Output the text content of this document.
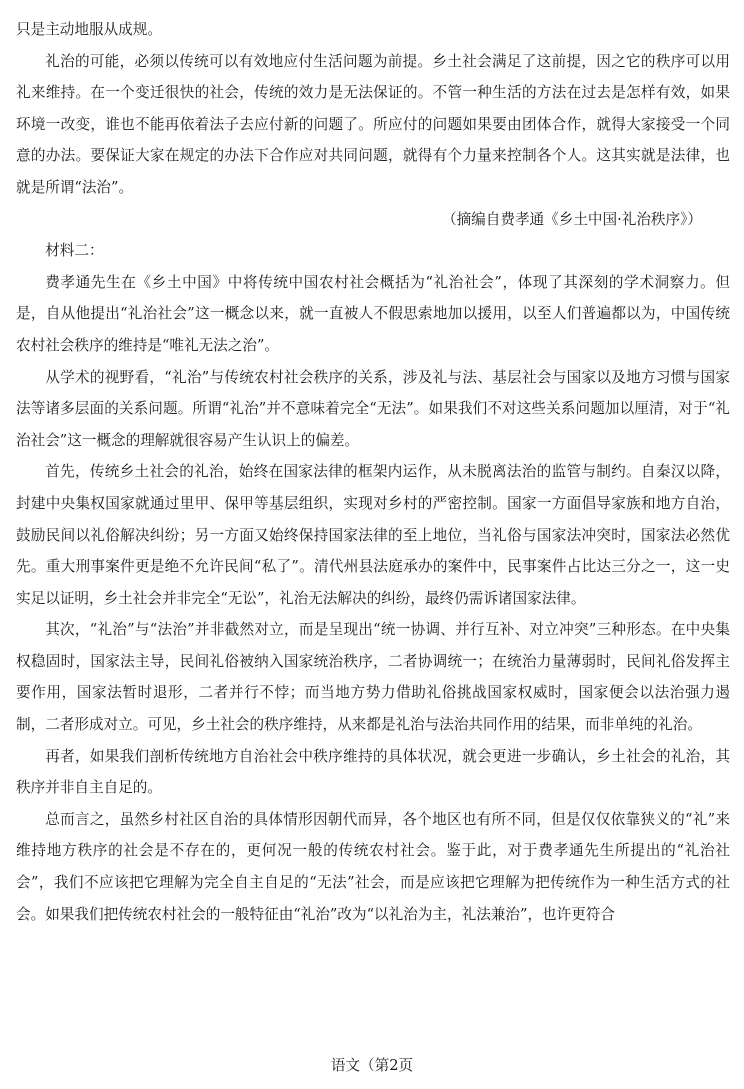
只是主动地服从成规。

礼治的可能，必须以传统可以有效地应付生活问题为前提。乡土社会满足了这前提，因之它的秩序可以用礼来维持。在一个变迁很快的社会，传统的效力是无法保证的。不管一种生活的方法在过去是怎样有效，如果环境一改变，谁也不能再依着法子去应付新的问题了。所应付的问题如果要由团体合作，就得大家接受一个同意的办法。要保证大家在规定的办法下合作应对共同问题，就得有个力量来控制各个人。这其实就是法律，也就是所谓“法治”。

（摘编自费孝通《乡土中国·礼治秩序》）

材料二：

费孝通先生在《乡土中国》中将传统中国农村社会概括为“礼治社会”，体现了其深刻的学术洞察力。但是，自从他提出“礼治社会”这一概念以来，就一直被人不假思索地加以援用，以至人们普遍都以为，中国传统农村社会秩序的维持是“唯礼无法之治”。

从学术的视野看，“礼治”与传统农村社会秩序的关系，涉及礼与法、基层社会与国家以及地方习惯与国家法等诸多层面的关系问题。所谓“礼治”并不意味着完全“无法”。如果我们不对这些关系问题加以厘清，对于“礼治社会”这一概念的理解就很容易产生认识上的偏差。

首先，传统乡土社会的礼治，始终在国家法律的框架内运作，从未脱离法治的监管与制约。自秦汉以降，封建中央集权国家就通过里甲、保甲等基层组织，实现对乡村的严密控制。国家一方面倡导家族和地方自治，鼓励民间以礼俗解决纠纷；另一方面又始终保持国家法律的至上地位，当礼俗与国家法冲突时，国家法必然优先。重大刑事案件更是绝不允许民间“私了”。清代州县法庭承办的案件中，民事案件占比达三分之一，这一史实足以证明，乡土社会并非完全“无讼”，礼治无法解决的纠纷，最终仍需诉诸国家法律。

其次，“礼治”与“法治”并非截然对立，而是呈现出“统一协调、并行互补、对立冲突”三种形态。在中央集权稳固时，国家法主导，民间礼俗被纳入国家统治秩序，二者协调统一；在统治力量薄弱时，民间礼俗发挥主要作用，国家法暂时退形，二者并行不悖；而当地方势力借助礼俗挑战国家权威时，国家便会以法治强力遏制，二者形成对立。可见，乡土社会的秩序维持，从来都是礼治与法治共同作用的结果，而非单纯的礼治。

再者，如果我们剖析传统地方自治社会中秩序维持的具体状况，就会更进一步确认，乡土社会的礼治，其秩序并非自主自足的。

总而言之，虽然乡村社区自治的具体情形因朝代而异，各个地区也有所不同，但是仅仅依靠狭义的“礼”来维持地方秩序的社会是不存在的，更何况一般的传统农村社会。鉴于此，对于费孝通先生所提出的“礼治社会”，我们不应该把它理解为完全自主自足的“无法”社会，而是应该把它理解为把传统作为一种生活方式的社会。如果我们把传统农村社会的一般特征由“礼治”改为“以礼治为主，礼法兼治”，也许更符合

语文（第2页
